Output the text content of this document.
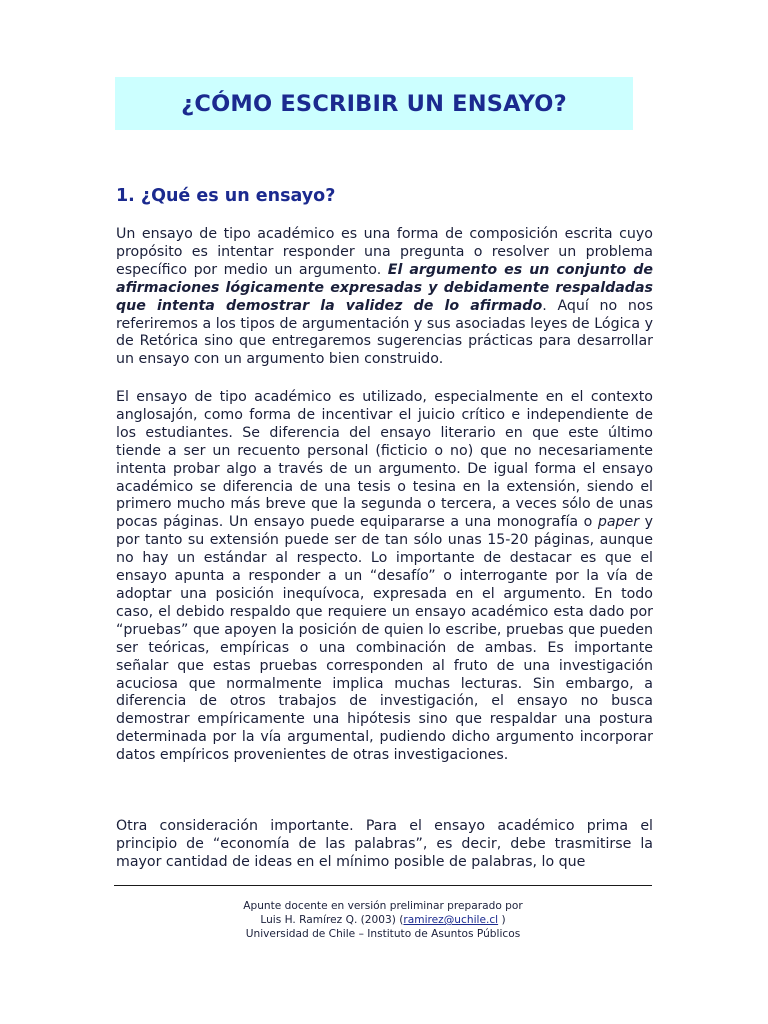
¿CÓMO ESCRIBIR UN ENSAYO?
1. ¿Qué es un ensayo?

Un ensayo de tipo académico es una forma de composición escrita cuyo propósito es intentar responder una pregunta o resolver un problema específico por medio un argumento. El argumento es un conjunto de afirmaciones lógicamente expresadas y debidamente respaldadas que intenta demostrar la validez de lo afirmado. Aquí no nos referiremos a los tipos de argumentación y sus asociadas leyes de Lógica y de Retórica sino que entregaremos sugerencias prácticas para desarrollar un ensayo con un argumento bien construido.

El ensayo de tipo académico es utilizado, especialmente en el contexto anglosajón, como forma de incentivar el juicio crítico e independiente de los estudiantes. Se diferencia del ensayo literario en que este último tiende a ser un recuento personal (ficticio o no) que no necesariamente intenta probar algo a través de un argumento. De igual forma el ensayo académico se diferencia de una tesis o tesina en la extensión, siendo el primero mucho más breve que la segunda o tercera, a veces sólo de unas pocas páginas. Un ensayo puede equipararse a una monografía o paper y por tanto su extensión puede ser de tan sólo unas 15-20 páginas, aunque no hay un estándar al respecto. Lo importante de destacar es que el ensayo apunta a responder a un “desafío” o interrogante por la vía de adoptar una posición inequívoca, expresada en el argumento. En todo caso, el debido respaldo que requiere un ensayo académico esta dado por “pruebas” que apoyen la posición de quien lo escribe, pruebas que pueden ser teóricas, empíricas o una combinación de ambas. Es importante señalar que estas pruebas corresponden al fruto de una investigación acuciosa que normalmente implica muchas lecturas. Sin embargo, a diferencia de otros trabajos de investigación, el ensayo no busca demostrar empíricamente una hipótesis sino que respaldar una postura determinada por la vía argumental, pudiendo dicho argumento incorporar datos empíricos provenientes de otras investigaciones.

Otra consideración importante. Para el ensayo académico prima el principio de “economía de las palabras”, es decir, debe trasmitirse la mayor cantidad de ideas en el mínimo posible de palabras, lo que

Apunte docente en versión preliminar preparado por
Luis H. Ramírez Q. (2003) (ramirez@uchile.cl )
Universidad de Chile – Instituto de Asuntos Públicos
